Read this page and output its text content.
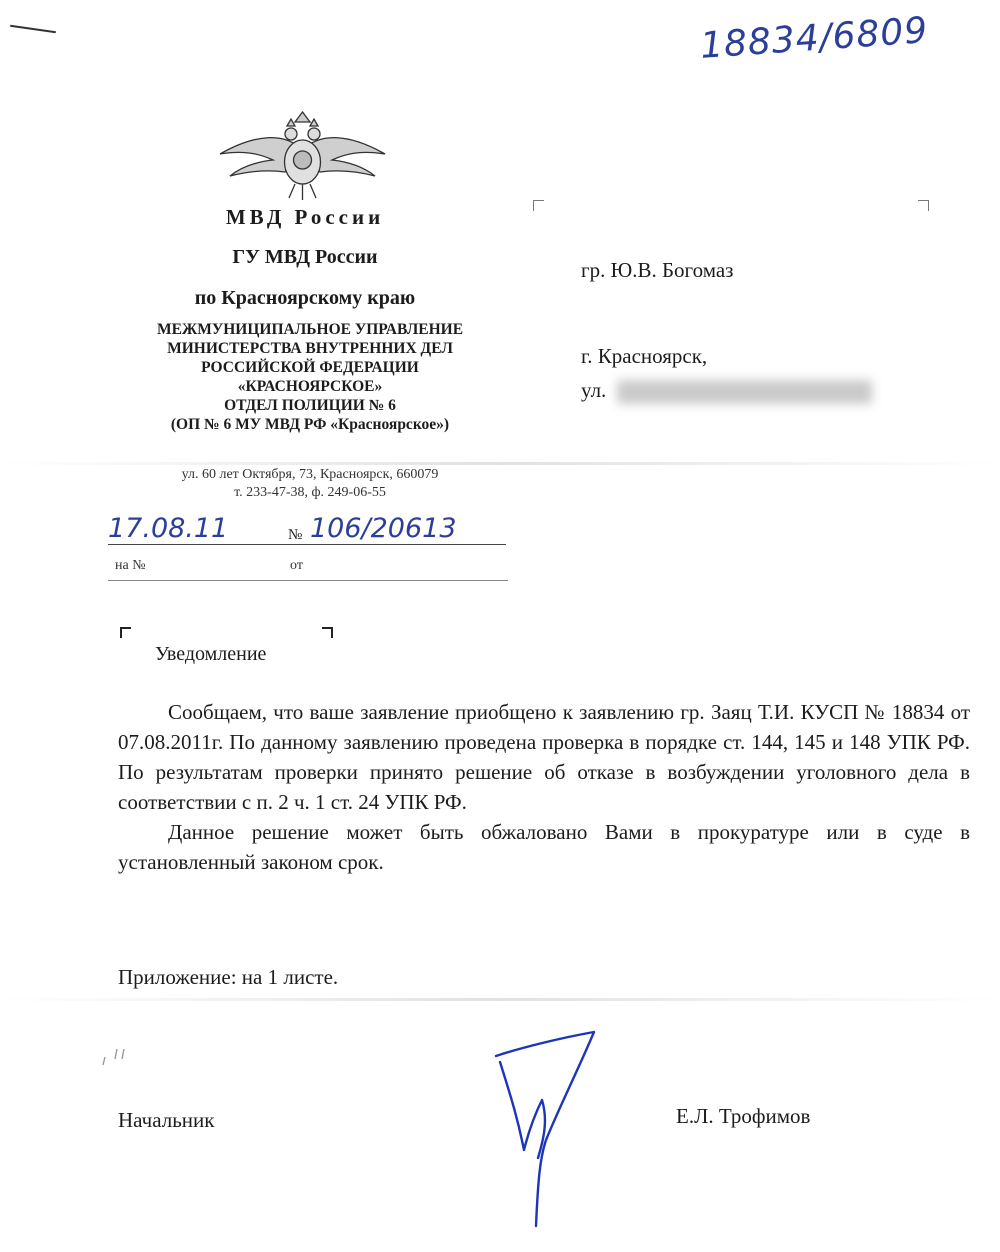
18834/6809
МВД России
ГУ МВД России
по Красноярскому краю
МЕЖМУНИЦИПАЛЬНОЕ УПРАВЛЕНИЕ
МИНИСТЕРСТВА ВНУТРЕННИХ ДЕЛ
РОССИЙСКОЙ ФЕДЕРАЦИИ
«КРАСНОЯРСКОЕ»
ОТДЕЛ ПОЛИЦИИ № 6
(ОП № 6 МУ МВД РФ «Красноярское»)
ул. 60 лет Октября, 73, Красноярск, 660079
т. 233-47-38, ф. 249-06-55
17.08.11	№ 106/20613
на №	от
гр. Ю.В. Богомаз
г. Красноярск,
ул.
Уведомление

Сообщаем, что ваше заявление приобщено к заявлению гр. Заяц Т.И. КУСП № 18834 от 07.08.2011г. По данному заявлению проведена проверка в порядке ст. 144, 145 и 148 УПК РФ. По результатам проверки принято решение об отказе в возбуждении уголовного дела в соответствии с п. 2 ч. 1 ст. 24 УПК РФ.

Данное решение может быть обжаловано Вами в прокуратуре или в суде в установленный законом срок.

Приложение: на 1 листе.
Начальник	Е.Л. Трофимов
